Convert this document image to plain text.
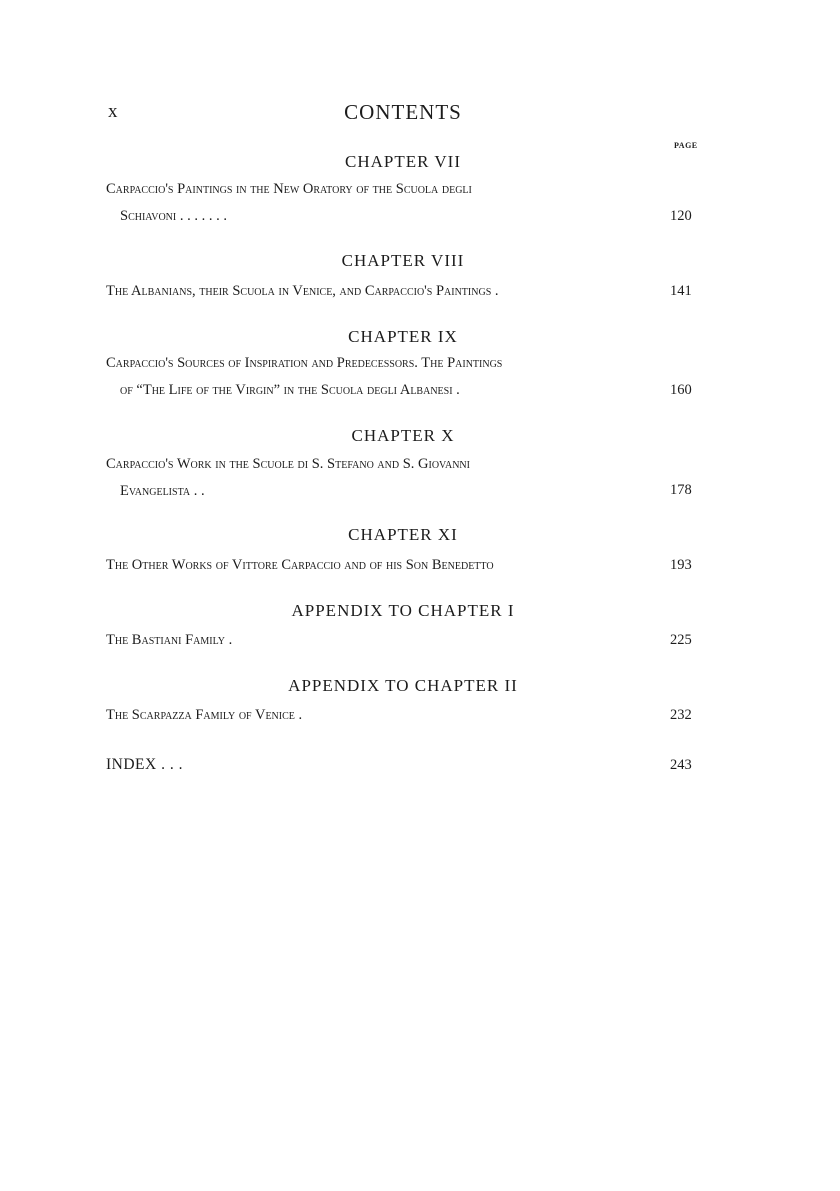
x	CONTENTS
PAGE
CHAPTER VII
Carpaccio's Paintings in the New Oratory of the Scuola degli
Schiavoni . . . . . . .	120
CHAPTER VIII
The Albanians, their Scuola in Venice, and Carpaccio's Paintings .	141
CHAPTER IX
Carpaccio's Sources of Inspiration and Predecessors. The Paintings
of “The Life of the Virgin” in the Scuola degli Albanesi .	160
CHAPTER X
Carpaccio's Work in the Scuole di S. Stefano and S. Giovanni
Evangelista . .	178
CHAPTER XI
The Other Works of Vittore Carpaccio and of his Son Benedetto	193
APPENDIX TO CHAPTER I
The Bastiani Family .	225
APPENDIX TO CHAPTER II
The Scarpazza Family of Venice .	232
INDEX . . .	243
